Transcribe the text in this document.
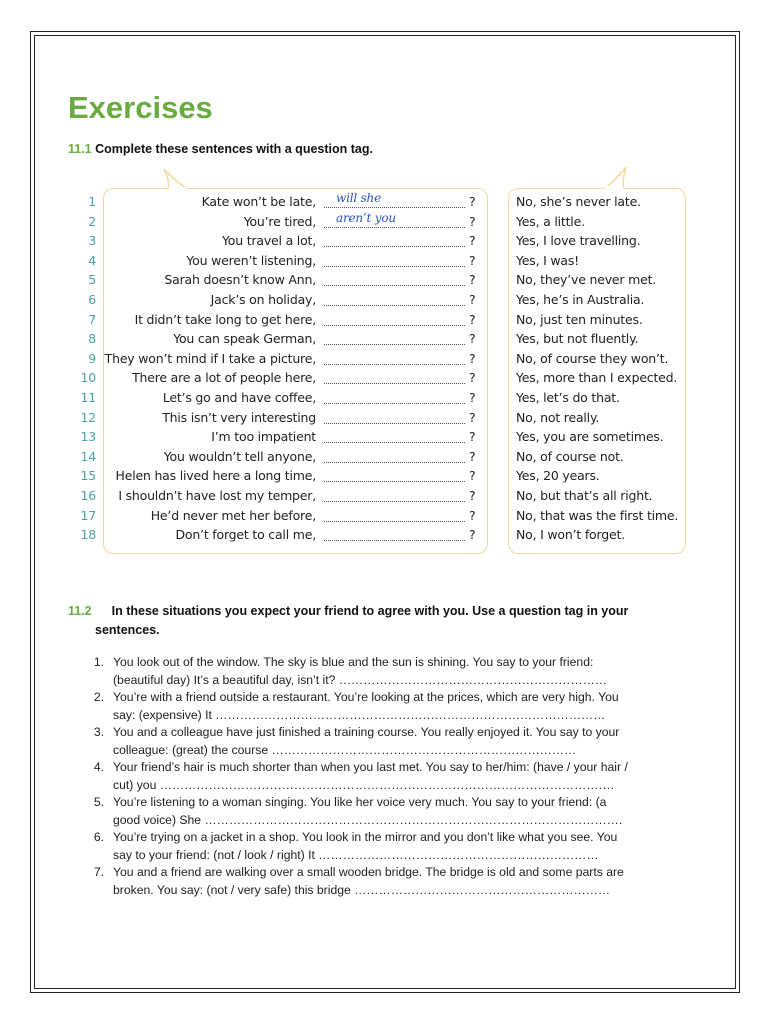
Exercises
11.1 Complete these sentences with a question tag.
1	Kate won’t be late, will she	?	No, she’s never late.
2	You’re tired, aren’t you	?	Yes, a little.
3	You travel a lot,	?	Yes, I love travelling.
4	You weren’t listening,	?	Yes, I was!
5	Sarah doesn’t know Ann,	?	No, they’ve never met.
6	Jack’s on holiday,	?	Yes, he’s in Australia.
7	It didn’t take long to get here,	?	No, just ten minutes.
8	You can speak German,	?	Yes, but not fluently.
9 They won’t mind if I take a picture,	?	No, of course they won’t.
10	There are a lot of people here,	?	Yes, more than I expected.
11	Let’s go and have coffee,	?	Yes, let’s do that.
12	This isn’t very interesting	?	No, not really.
13	I’m too impatient	?	Yes, you are sometimes.
14	You wouldn’t tell anyone,	?	No, of course not.
15 Helen has lived here a long time,	?	Yes, 20 years.
16 I shouldn’t have lost my temper,	?	No, but that’s all right.
17	He’d never met her before,	?	No, that was the first time.
18	Don’t forget to call me,	?	No, I won’t forget.
11.2 In these situations you expect your friend to agree with you. Use a question tag in your
sentences.
1. You look out of the window. The sky is blue and the sun is shining. You say to your friend:
(beautiful day) It’s a beautiful day, isn’t it? …………………………………………………………
2. You’re with a friend outside a restaurant. You’re looking at the prices, which are very high. You
say: (expensive) It ……………………………………………………………………………………
3. You and a colleague have just finished a training course. You really enjoyed it. You say to your
colleague: (great) the course …………………………………………………………………
4. Your friend’s hair is much shorter than when you last met. You say to her/him: (have / your hair /
cut) you ………………………………………………………………………………………………….
5. You’re listening to a woman singing. You like her voice very much. You say to your friend: (a
good voice) She ………………………………………………………………………………………….
6. You’re trying on a jacket in a shop. You look in the mirror and you don’t like what you see. You
say to your friend: (not / look / right) It ……………………………………………………………
7. You and a friend are walking over a small wooden bridge. The bridge is old and some parts are
broken. You say: (not / very safe) this bridge ………………………………………………………
